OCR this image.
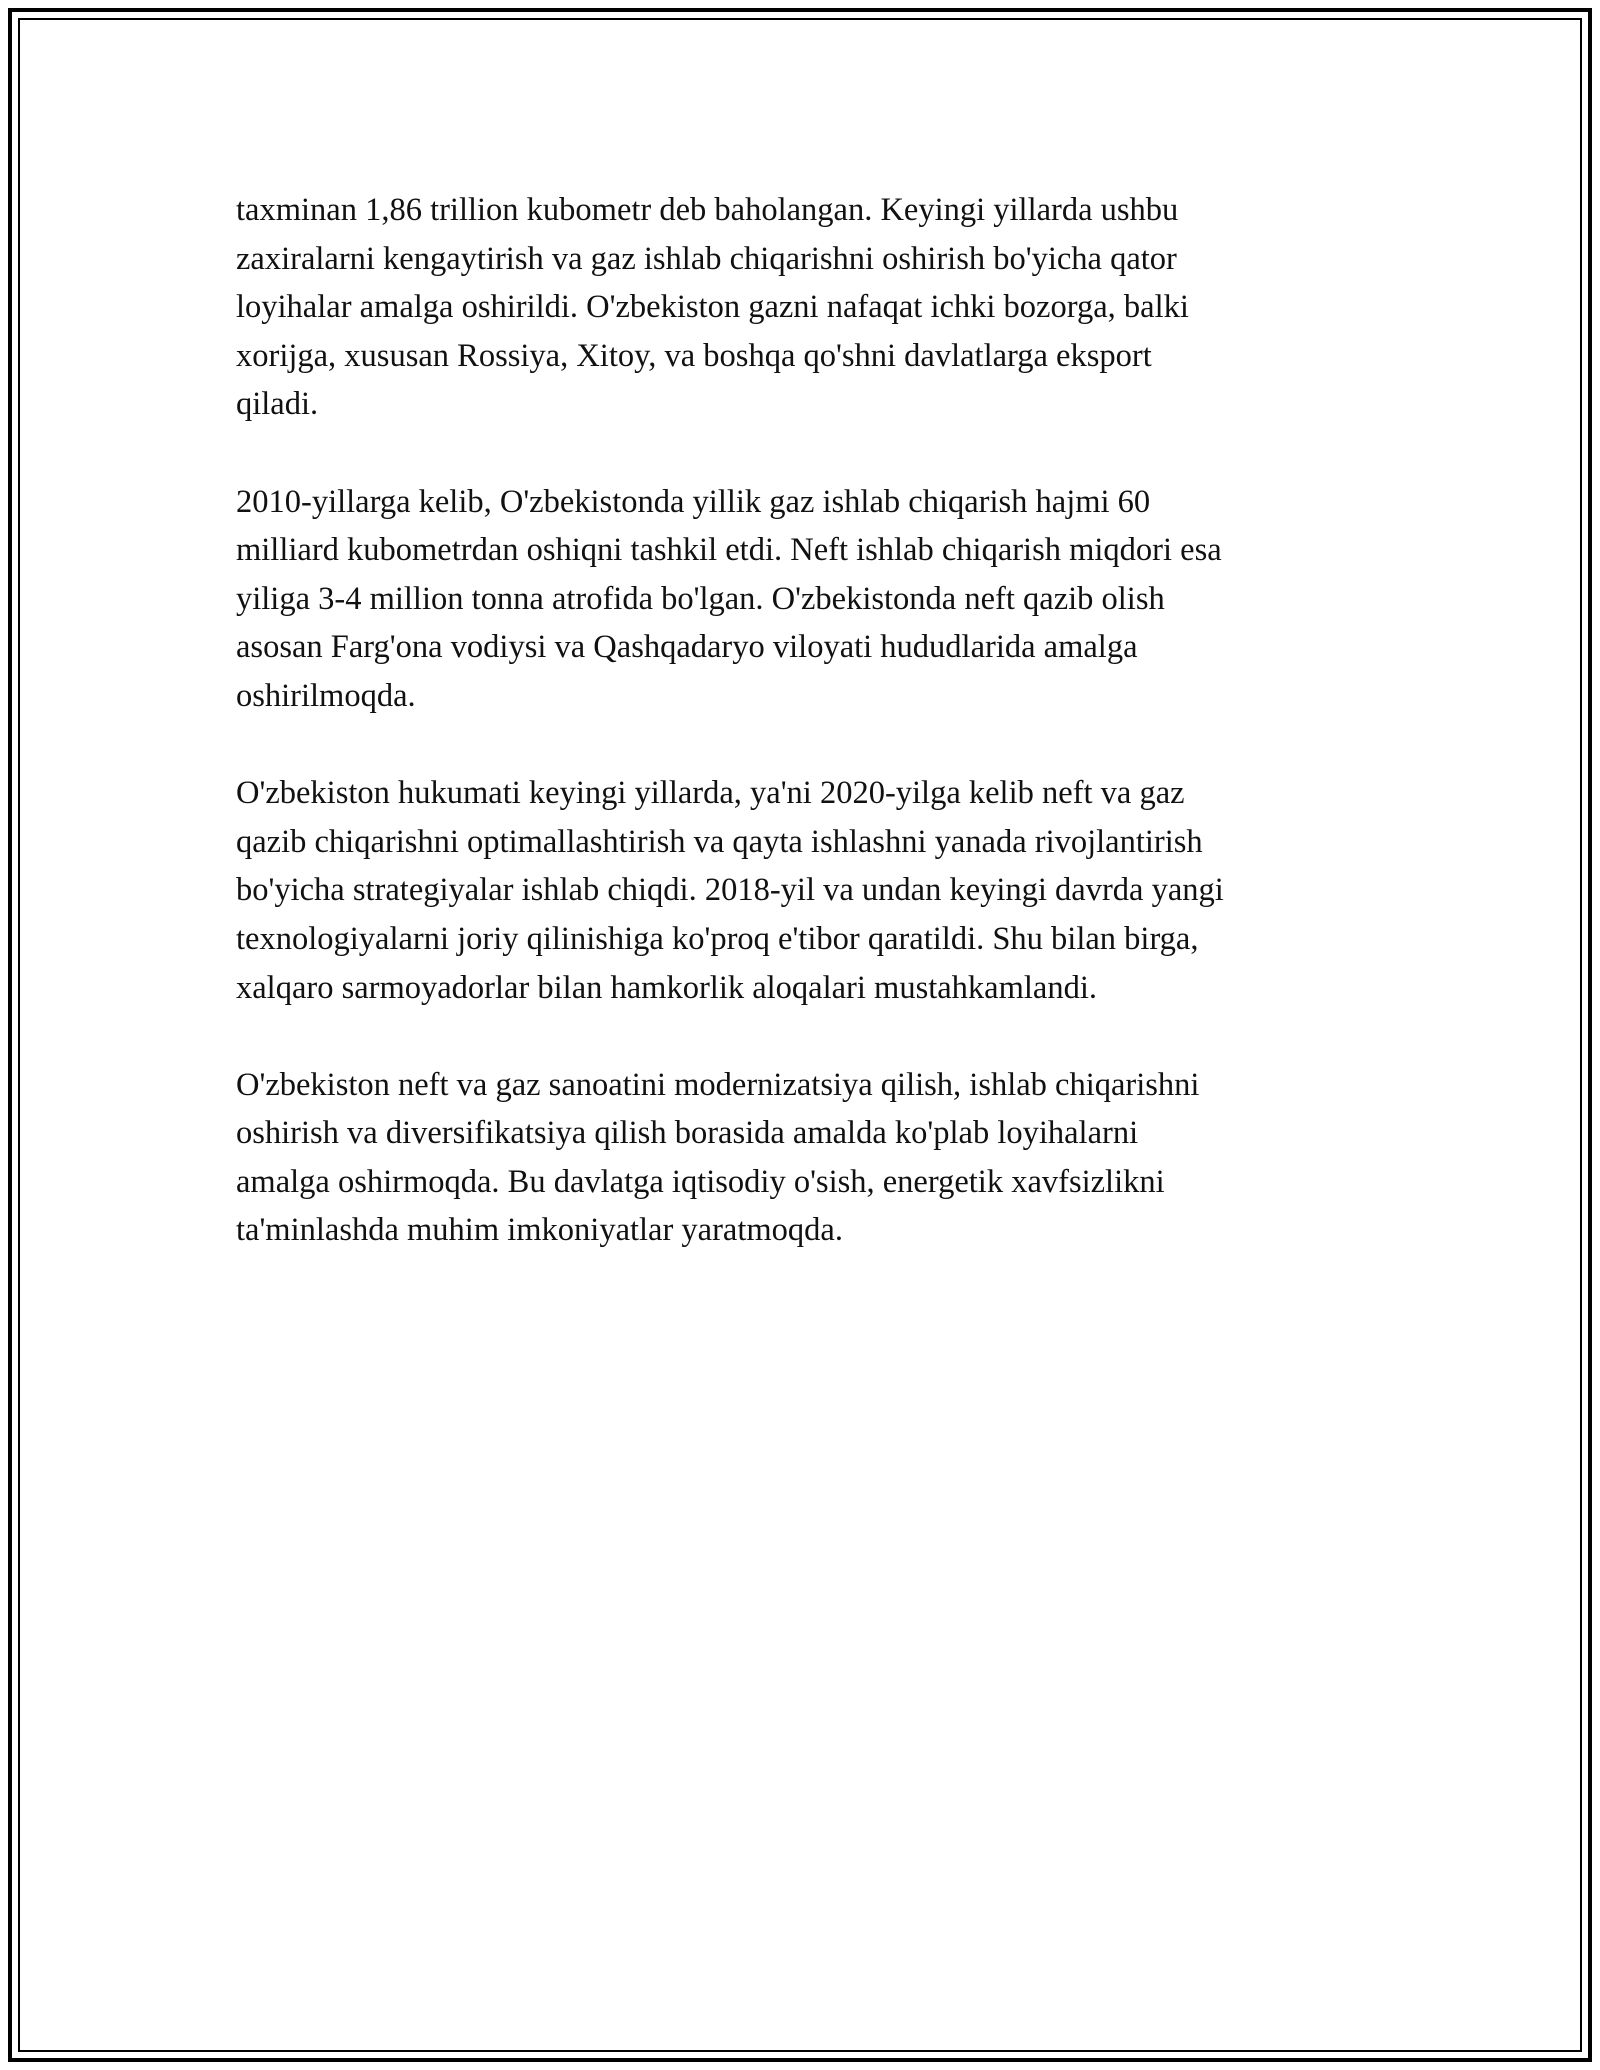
taxminan 1,86 trillion kubometr deb baholangan. Keyingi yillarda ushbu
zaxiralarni kengaytirish va gaz ishlab chiqarishni oshirish bo'yicha qator
loyihalar amalga oshirildi. O'zbekiston gazni nafaqat ichki bozorga, balki
xorijga, xususan Rossiya, Xitoy, va boshqa qo'shni davlatlarga eksport
qiladi.

2010-yillarga kelib, O'zbekistonda yillik gaz ishlab chiqarish hajmi 60
milliard kubometrdan oshiqni tashkil etdi. Neft ishlab chiqarish miqdori esa
yiliga 3-4 million tonna atrofida bo'lgan. O'zbekistonda neft qazib olish
asosan Farg'ona vodiysi va Qashqadaryo viloyati hududlarida amalga
oshirilmoqda.

O'zbekiston hukumati keyingi yillarda, ya'ni 2020-yilga kelib neft va gaz
qazib chiqarishni optimallashtirish va qayta ishlashni yanada rivojlantirish
bo'yicha strategiyalar ishlab chiqdi. 2018-yil va undan keyingi davrda yangi
texnologiyalarni joriy qilinishiga ko'proq e'tibor qaratildi. Shu bilan birga,
xalqaro sarmoyadorlar bilan hamkorlik aloqalari mustahkamlandi.

O'zbekiston neft va gaz sanoatini modernizatsiya qilish, ishlab chiqarishni
oshirish va diversifikatsiya qilish borasida amalda ko'plab loyihalarni
amalga oshirmoqda. Bu davlatga iqtisodiy o'sish, energetik xavfsizlikni
ta'minlashda muhim imkoniyatlar yaratmoqda.
